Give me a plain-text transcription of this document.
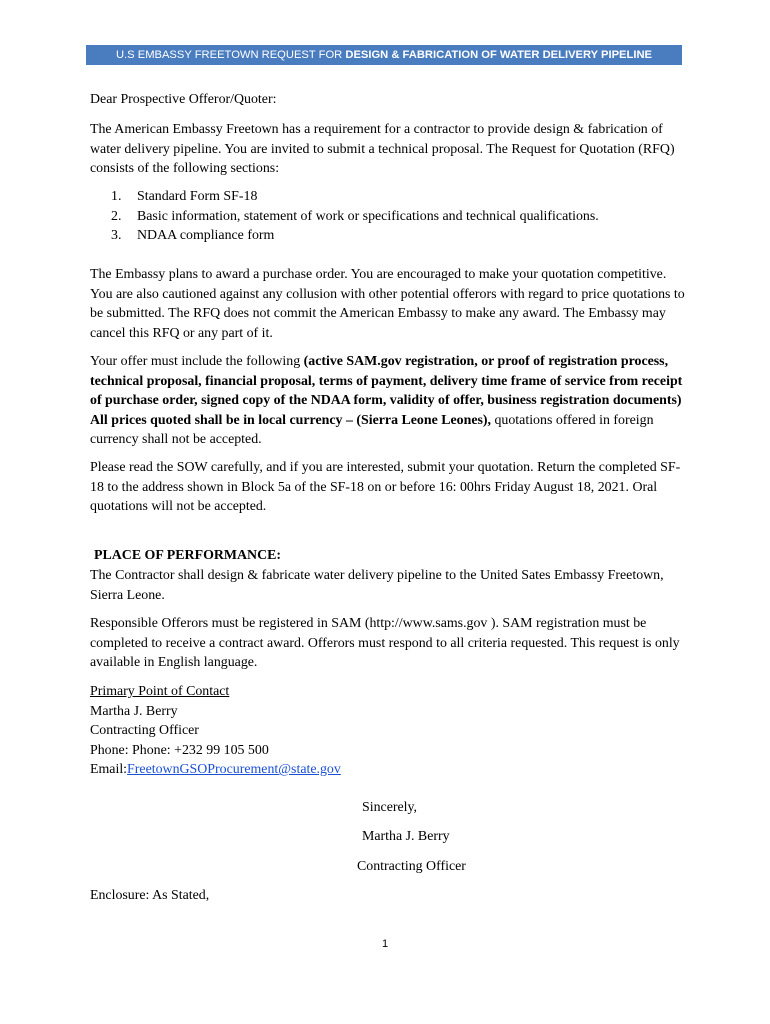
U.S EMBASSY FREETOWN REQUEST FOR DESIGN & FABRICATION OF WATER DELIVERY PIPELINE

Dear Prospective Offeror/Quoter:

The American Embassy Freetown has a requirement for a contractor to provide design & fabrication of water delivery pipeline. You are invited to submit a technical proposal. The Request for Quotation (RFQ) consists of the following sections:

1. Standard Form SF-18
2. Basic information, statement of work or specifications and technical qualifications.
3. NDAA compliance form

The Embassy plans to award a purchase order. You are encouraged to make your quotation competitive. You are also cautioned against any collusion with other potential offerors with regard to price quotations to be submitted. The RFQ does not commit the American Embassy to make any award. The Embassy may cancel this RFQ or any part of it.

Your offer must include the following (active SAM.gov registration, or proof of registration process, technical proposal, financial proposal, terms of payment, delivery time frame of service from receipt of purchase order, signed copy of the NDAA form, validity of offer, business registration documents) All prices quoted shall be in local currency – (Sierra Leone Leones), quotations offered in foreign currency shall not be accepted.

Please read the SOW carefully, and if you are interested, submit your quotation. Return the completed SF-18 to the address shown in Block 5a of the SF-18 on or before 16: 00hrs Friday August 18, 2021. Oral quotations will not be accepted.

PLACE OF PERFORMANCE:

The Contractor shall design & fabricate water delivery pipeline to the United Sates Embassy Freetown, Sierra Leone.

Responsible Offerors must be registered in SAM (http://www.sams.gov ). SAM registration must be completed to receive a contract award. Offerors must respond to all criteria requested. This request is only available in English language.

Primary Point of Contact
Martha J. Berry
Contracting Officer
Phone: Phone: +232 99 105 500
Email:FreetownGSOProcurement@state.gov
Sincerely,
Martha J. Berry
Contracting Officer
Enclosure: As Stated,
1
